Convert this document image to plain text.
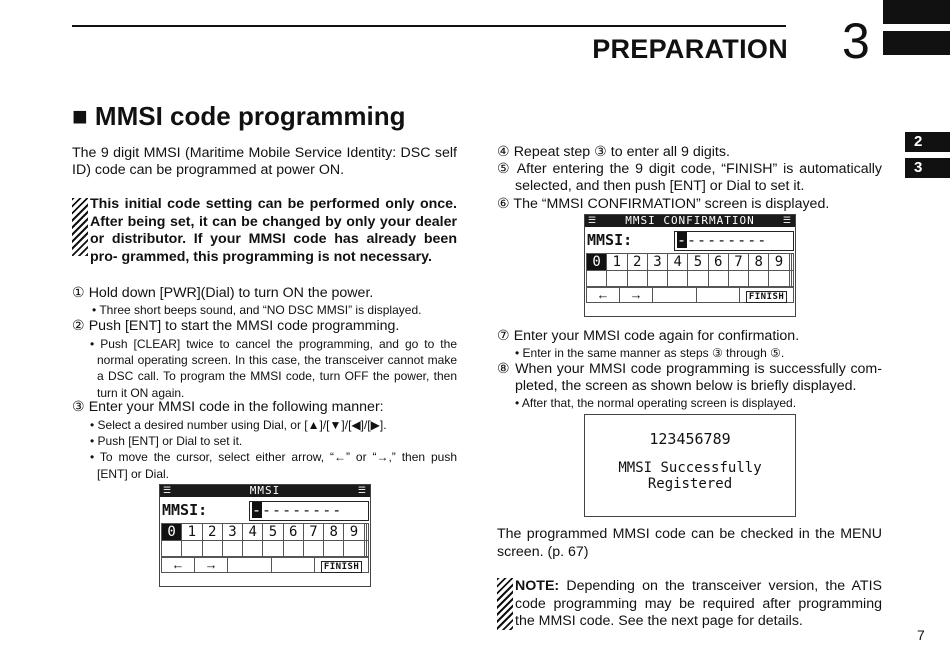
PREPARATION 3
2
3
■ MMSI code programming
The 9 digit MMSI (Maritime Mobile Service Identity: DSC self ID) code can be programmed at power ON.
This initial code setting can be performed only once. After being set, it can be changed by only your dealer or distributor. If your MMSI code has already been pro- grammed, this programming is not necessary.
① Hold down [PWR](Dial) to turn ON the power.
• Three short beeps sound, and “NO DSC MMSI” is displayed.
② Push [ENT] to start the MMSI code programming.
• Push [CLEAR] twice to cancel the programming, and go to the normal operating screen. In this case, the transceiver cannot make a DSC call. To program the MMSI code, turn OFF the power, then turn it ON again.
③ Enter your MMSI code in the following manner:
• Select a desired number using Dial, or [▲]/[▼]/[◀]/[▶].
• Push [ENT] or Dial to set it.
• To move the cursor, select either arrow, “←” or “→,” then push [ENT] or Dial.
☰	MMSI	☰
MMSI:	---------
0	1	2	3	4	5	6	7	8	9		

←	→			FINISH
④ Repeat step ③ to enter all 9 digits.
⑤ After entering the 9 digit code, “FINISH” is automatically selected, and then push [ENT] or Dial to set it.
⑥ The “MMSI CONFIRMATION” screen is displayed.
☰	MMSI CONFIRMATION	☰
MMSI:	---------
0	1	2	3	4	5	6	7	8	9		

←	→			FINISH
⑦ Enter your MMSI code again for confirmation.
• Enter in the same manner as steps ③ through ⑤.
⑧ When your MMSI code programming is successfully com- pleted, the screen as shown below is briefly displayed.
• After that, the normal operating screen is displayed.
123456789
MMSI Successfully
Registered
The programmed MMSI code can be checked in the MENU screen. (p. 67)
NOTE: Depending on the transceiver version, the ATIS code programming may be required after programming the MMSI code. See the next page for details.
7
